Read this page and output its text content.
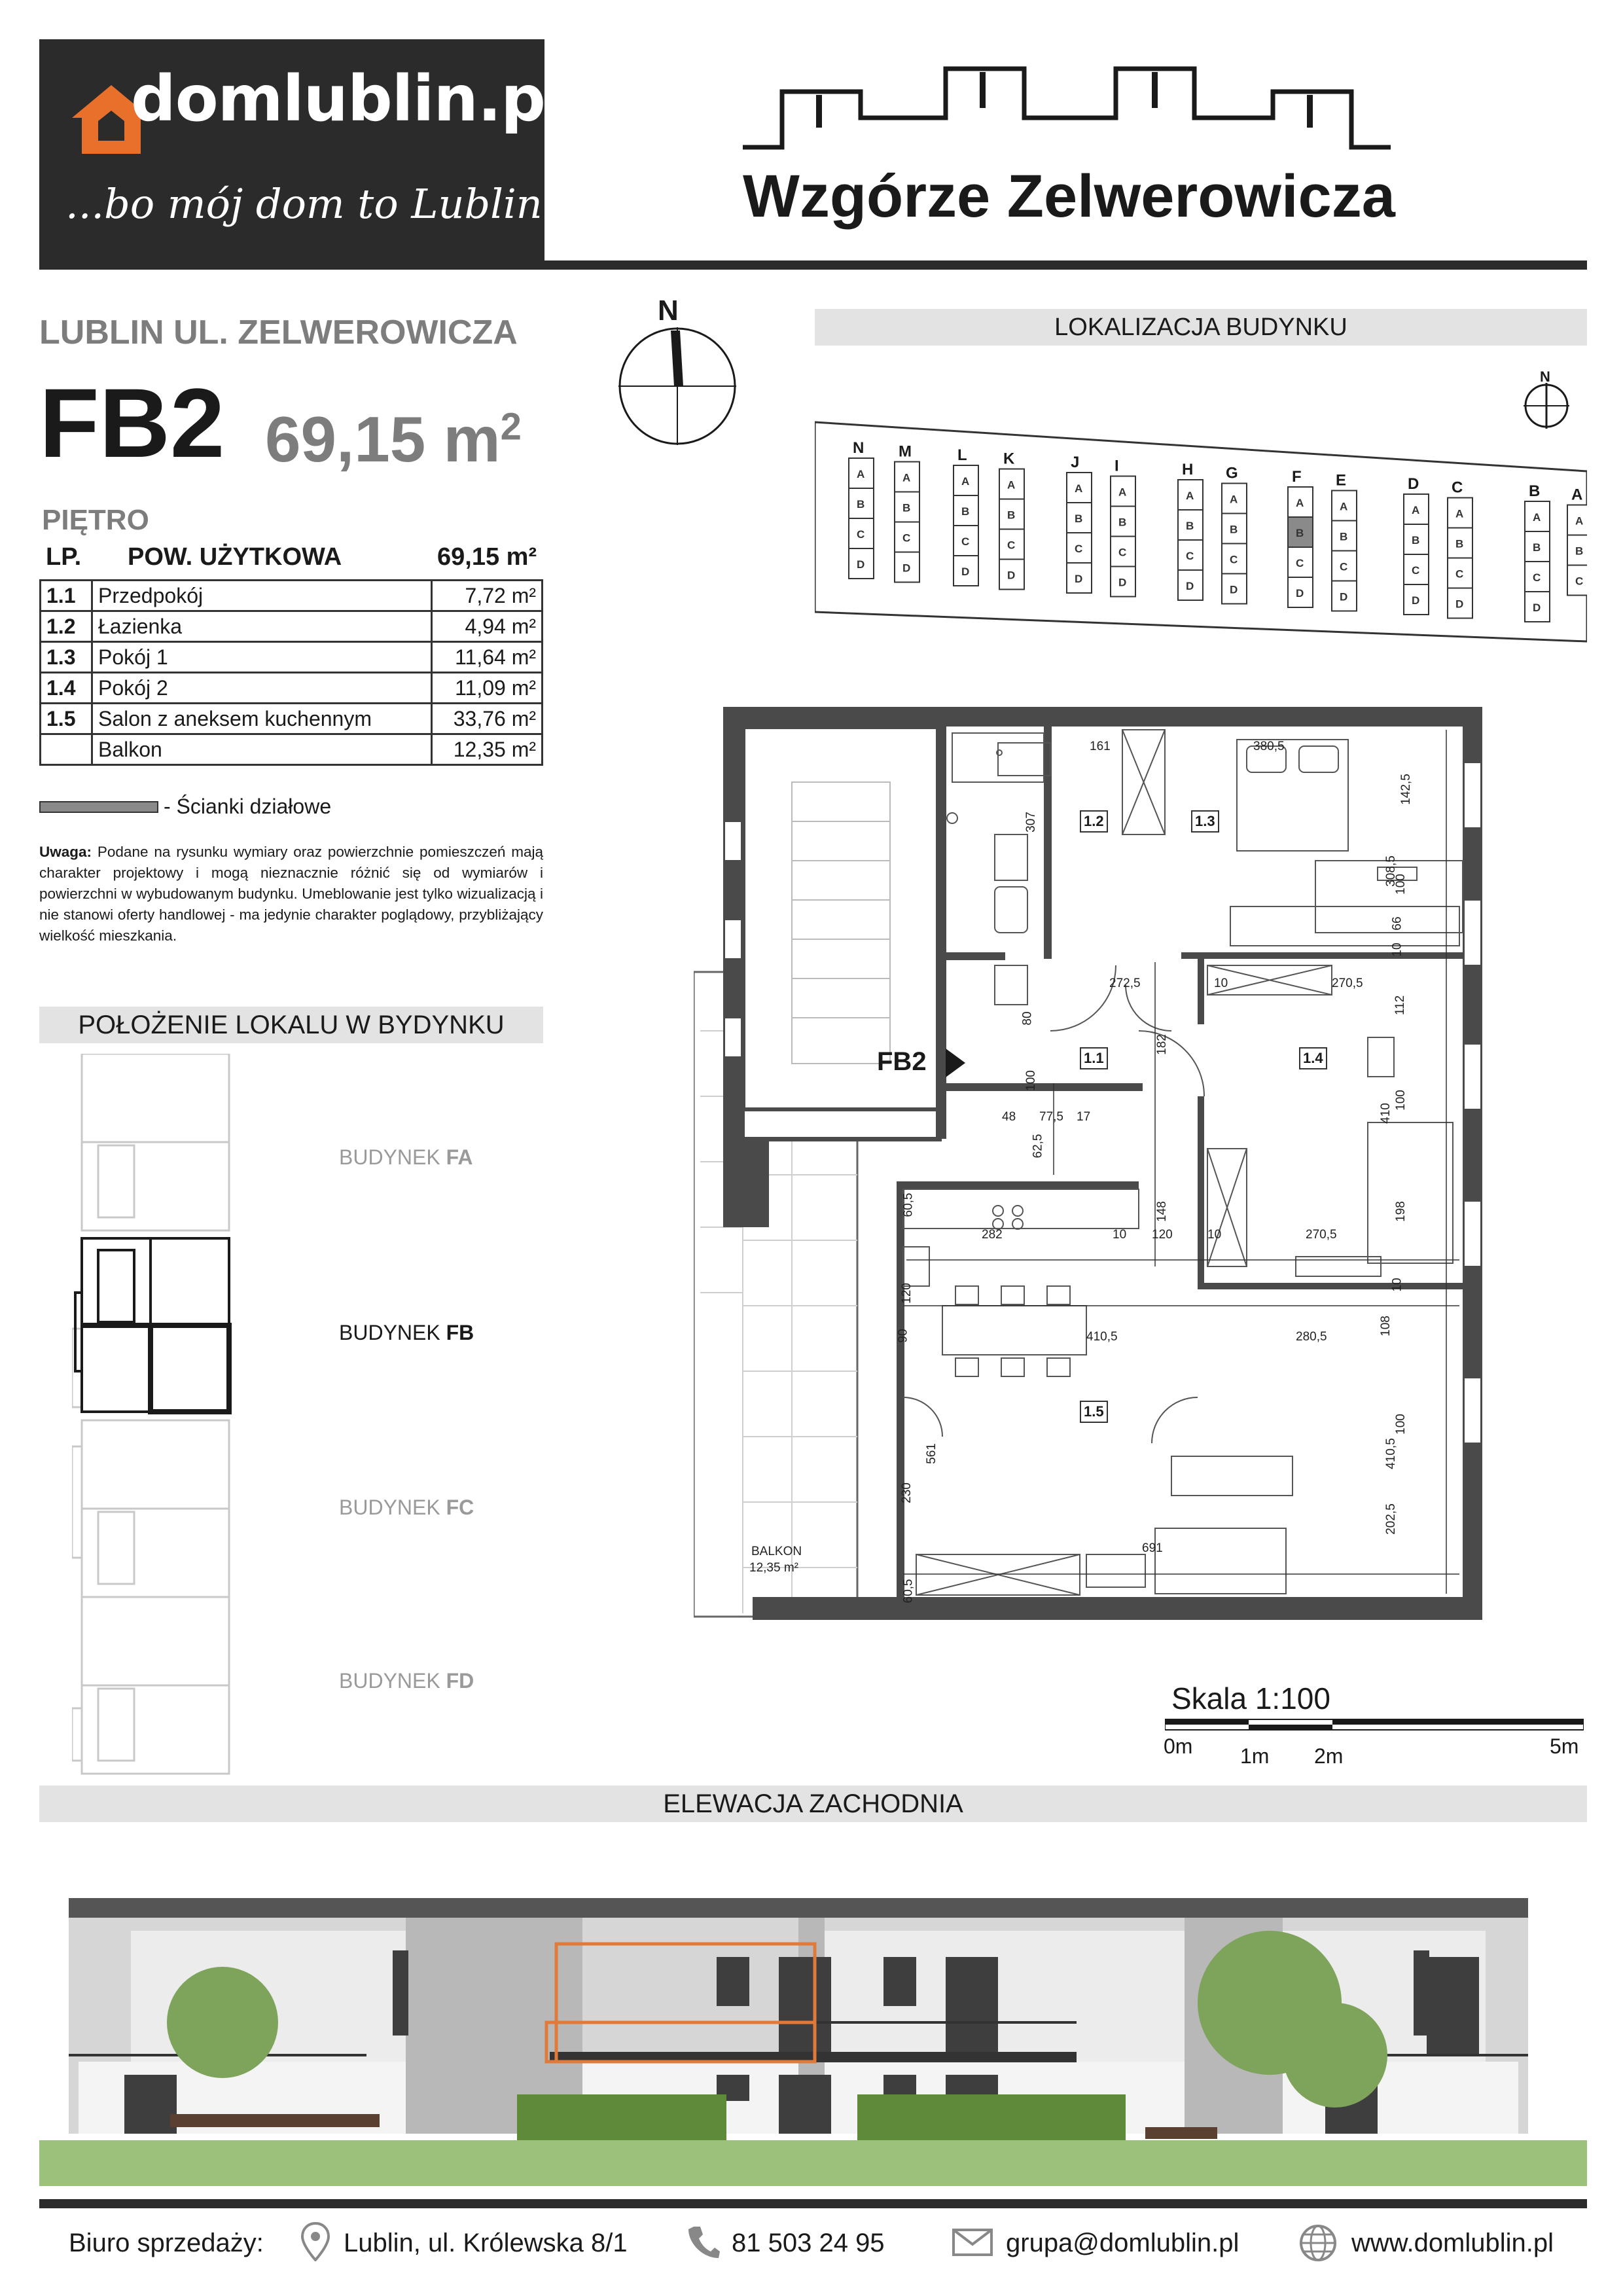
domlublin.pl
...bo mój dom to Lublin	Wzgórze Zelwerowicza
LUBLIN UL. ZELWEROWICZA
FB2 69,15 $m^2$
PIĘTRO
LP. POW. UŻYTKOWA	69,15 m²
1.1	Przedpokój	7,72 m²
1.2	Łazienka	4,94 m²
1.3	Pokój 1	11,64 m²
1.4	Pokój 2	11,09 m²
1.5	Salon z aneksem kuchennym	33,76 m²
	Balkon	12,35 m²
- Ścianki działowe
Uwaga: Podane na rysunku wymiary oraz powierzchnie pomieszczeń mają charakter projektowy i mogą nieznacznie różnić się od wymiarów i powierzchni w wybudowanym budynku. Umeblowanie jest tylko wizualizacją i nie stanowi oferty handlowej - ma jedynie charakter poglądowy, przybliżający wielkość mieszkania.
POŁOŻENIE LOKALU W BYDYNKU
BUDYNEK FA
BUDYNEK FB
BUDYNEK FC
BUDYNEK FD
N
LOKALIZACJA BUDYNKU
N
N
A
B
C
D
M
A
B
C
D
L
A
B
C
D
K
A
B
C
D
J
A
B
C
D
I
A
B
C
D
H
A
B
C
D
G
A
B
C
D
F
A
B
C
D
E
A
B
C
D
D
A
B
C
D
C
A
B
C
D
B
A
B
C
D
A
A
B
C
FB2
1.2	1.3
1.1	1.4
1.5
BALKON
12,35 m²
161	380,5
142,5
307
308,5
100
66
10
272,5	10	270,5
112
80
182
100
100
410
48 77,5 17
62,5
148	198
60,5
282	10 120	10	270,5
10
120
108
90	410,5	280,5
100
561
230
410,5
202,5
691
60,5
Skala 1:100
0m 1m 2m	5m
ELEWACJA ZACHODNIA
Biuro sprzedaży:	Lublin, ul. Królewska 8/1	81 503 24 95	grupa@domlublin.pl	www.domlublin.pl
